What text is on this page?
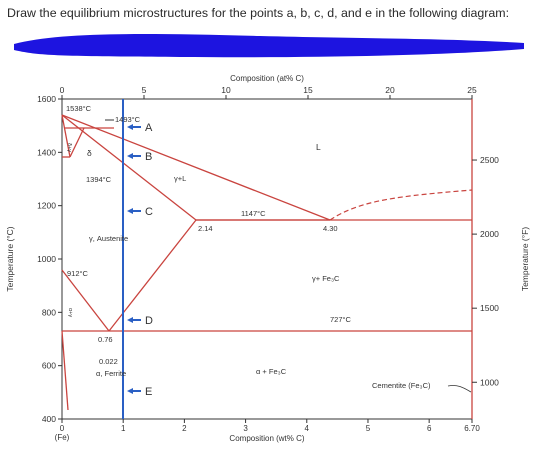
Draw the equilibrium microstructures for the points a, b, c, d, and e in the following diagram:
400
600
800
1000
1200
1400
1600
1000
1500
2000
2500
0	1	2	3	4	5	6	6.70
0	5	10	15	20	25
Composition (at% C)
Composition (wt% C)
(Fe)
Temperature (°C)	Temperature (°F)
1538°C
1493°C
1394°C
1147°C
912°C
727°C
2.14	4.30
0.76
0.022
δ
δ+γ	L
γ+L
γ, Austenite
γ+ Fe₃C
α + Fe₃C
α, Ferrite
α+γ
Cementite (Fe₃C)
A
B
C
D
E
